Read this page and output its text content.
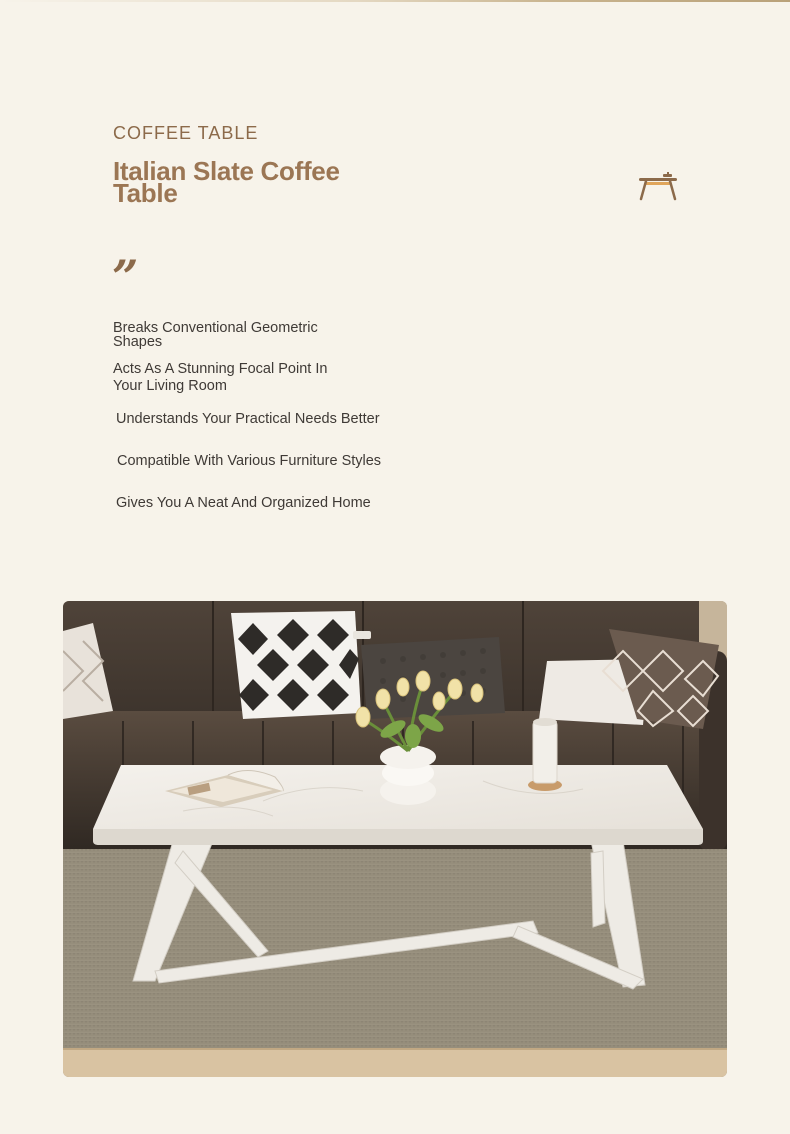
COFFEE TABLE
Italian Slate Coffee Table
”
Breaks Conventional Geometric Shapes
Acts As A Stunning Focal Point In Your Living Room
Understands Your Practical Needs Better
Compatible With Various Furniture Styles
Gives You A Neat And Organized Home
